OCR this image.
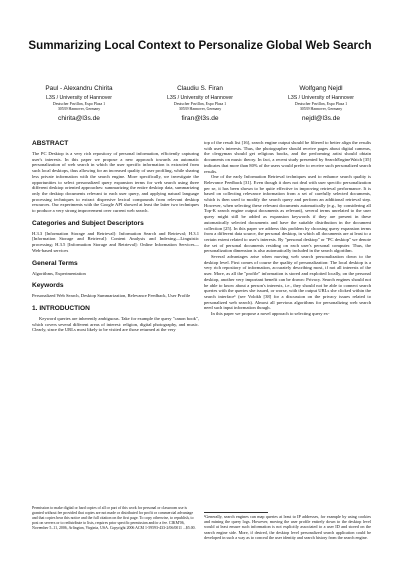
Summarizing Local Context to Personalize Global Web Search
Paul - Alexandru Chirita
L3S / University of Hannover
Deutscher Pavillon, Expo Plaza 1
30539 Hannover, Germany
chirita@l3s.de
Claudiu S. Firan
L3S / University of Hannover
Deutscher Pavillon, Expo Plaza 1
30539 Hannover, Germany
firan@l3s.de
Wolfgang Nejdl
L3S / University of Hannover
Deutscher Pavillon, Expo Plaza 1
30539 Hannover, Germany
nejdl@l3s.de
ABSTRACT

The PC Desktop is a very rich repository of personal information, efficiently capturing user's interests. In this paper we propose a new approach towards an automatic personalization of web search in which the user specific information is extracted from such local desktops, thus allowing for an increased quality of user profiling, while sharing less private information with the search engine. More specifically, we investigate the opportunities to select personalized query expansion terms for web search using three different desktop oriented approaches: summarizing the entire desktop data, summarizing only the desktop documents relevant to each user query, and applying natural language processing techniques to extract dispersive lexical compounds from relevant desktop resources. Our experiments with the Google API showed at least the latter two techniques to produce a very strong improvement over current web search.

Categories and Subject Descriptors

H.3.3 [Information Storage and Retrieval]: Information Search and Retrieval; H.3.1 [Information Storage and Retrieval]: Content Analysis and Indexing—Linguistic processing; H.3.5 [Information Storage and Retrieval]: Online Information Services—Web-based services

General Terms

Algorithms, Experimentation

Keywords

Personalized Web Search, Desktop Summarization, Relevance Feedback, User Profile

1. INTRODUCTION

Keyword queries are inherently ambiguous. Take for example the query "canon book", which covers several different areas of interest: religion, digital photography, and music. Clearly, since the URLs most likely to be visited are those returned at the very

Permission to make digital or hard copies of all or part of this work for personal or classroom use is granted without fee provided that copies are not made or distributed for profit or commercial advantage and that copies bear this notice and the full citation on the first page. To copy otherwise, to republish, to post on servers or to redistribute to lists, requires prior specific permission and/or a fee. CIKM'06, November 5–11, 2006, Arlington, Virginia, USA. Copyright 2006 ACM 1-59593-433-2/06/0011 ...$5.00.

top of the result list [16], search engine output should be filtered to better align the results with user's interests. Thus, the photographer should receive pages about digital cameras, the clergyman should get religious books, and the performing artist should obtain documents on music theory. In fact, a recent study presented by SearchEngineWatch [35] indicates that more than 80% of the users would prefer to receive such personalized search results.

One of the early Information Retrieval techniques used to enhance search quality is Relevance Feedback [31]. Even though it does not deal with user specific personalization per se, it has been shown to be quite effective in improving retrieval performance. It is based on collecting relevance information from a set of carefully selected documents, which is then used to modify the search query and perform an additional retrieval step. However, when selecting these relevant documents automatically (e.g., by considering all Top-K search engine output documents as relevant), several terms unrelated to the user query might still be added as expansion keywords if they are present in these automatically selected documents and have the suitable distribution in the document collection [25]. In this paper we address this problem by choosing query expansion terms from a different data source, the personal desktop, in which all documents are at least to a certain extent related to user's interests. By "personal desktop" or "PC desktop" we denote the set of personal documents residing on each user's personal computer. Thus, the personalization dimension is also automatically included in the search algorithm.

Several advantages arise when moving web search personalization down to the desktop level. First comes of course the quality of personalization: The local desktop is a very rich repository of information, accurately describing most, if not all interests of the user. More, as all the "profile" information is stored and exploited locally, on the personal desktop, another very important benefit can be drawn: Privacy. Search engines should not be able to know about a person's interests, i.e., they should not be able to connect search queries with the queries she issued, or worse, with the output URLs she clicked within the search interface¹ (see Volokh [38] for a discussion on the privacy issues related to personalized web search). Almost all previous algorithms for personalizing web search need such input information though.

In this paper we propose a novel approach to selecting query ex-

¹Generally, search engines can map queries at least to IP addresses, for example by using cookies and mining the query logs. However, moving the user profile entirely down to the desktop level would at least ensure such information is not explicitly associated to a user ID and stored on the search engine side. More, if desired, the desktop level personalized search application could be developed in such a way as to conceal the user identity and search history from the search engine.
